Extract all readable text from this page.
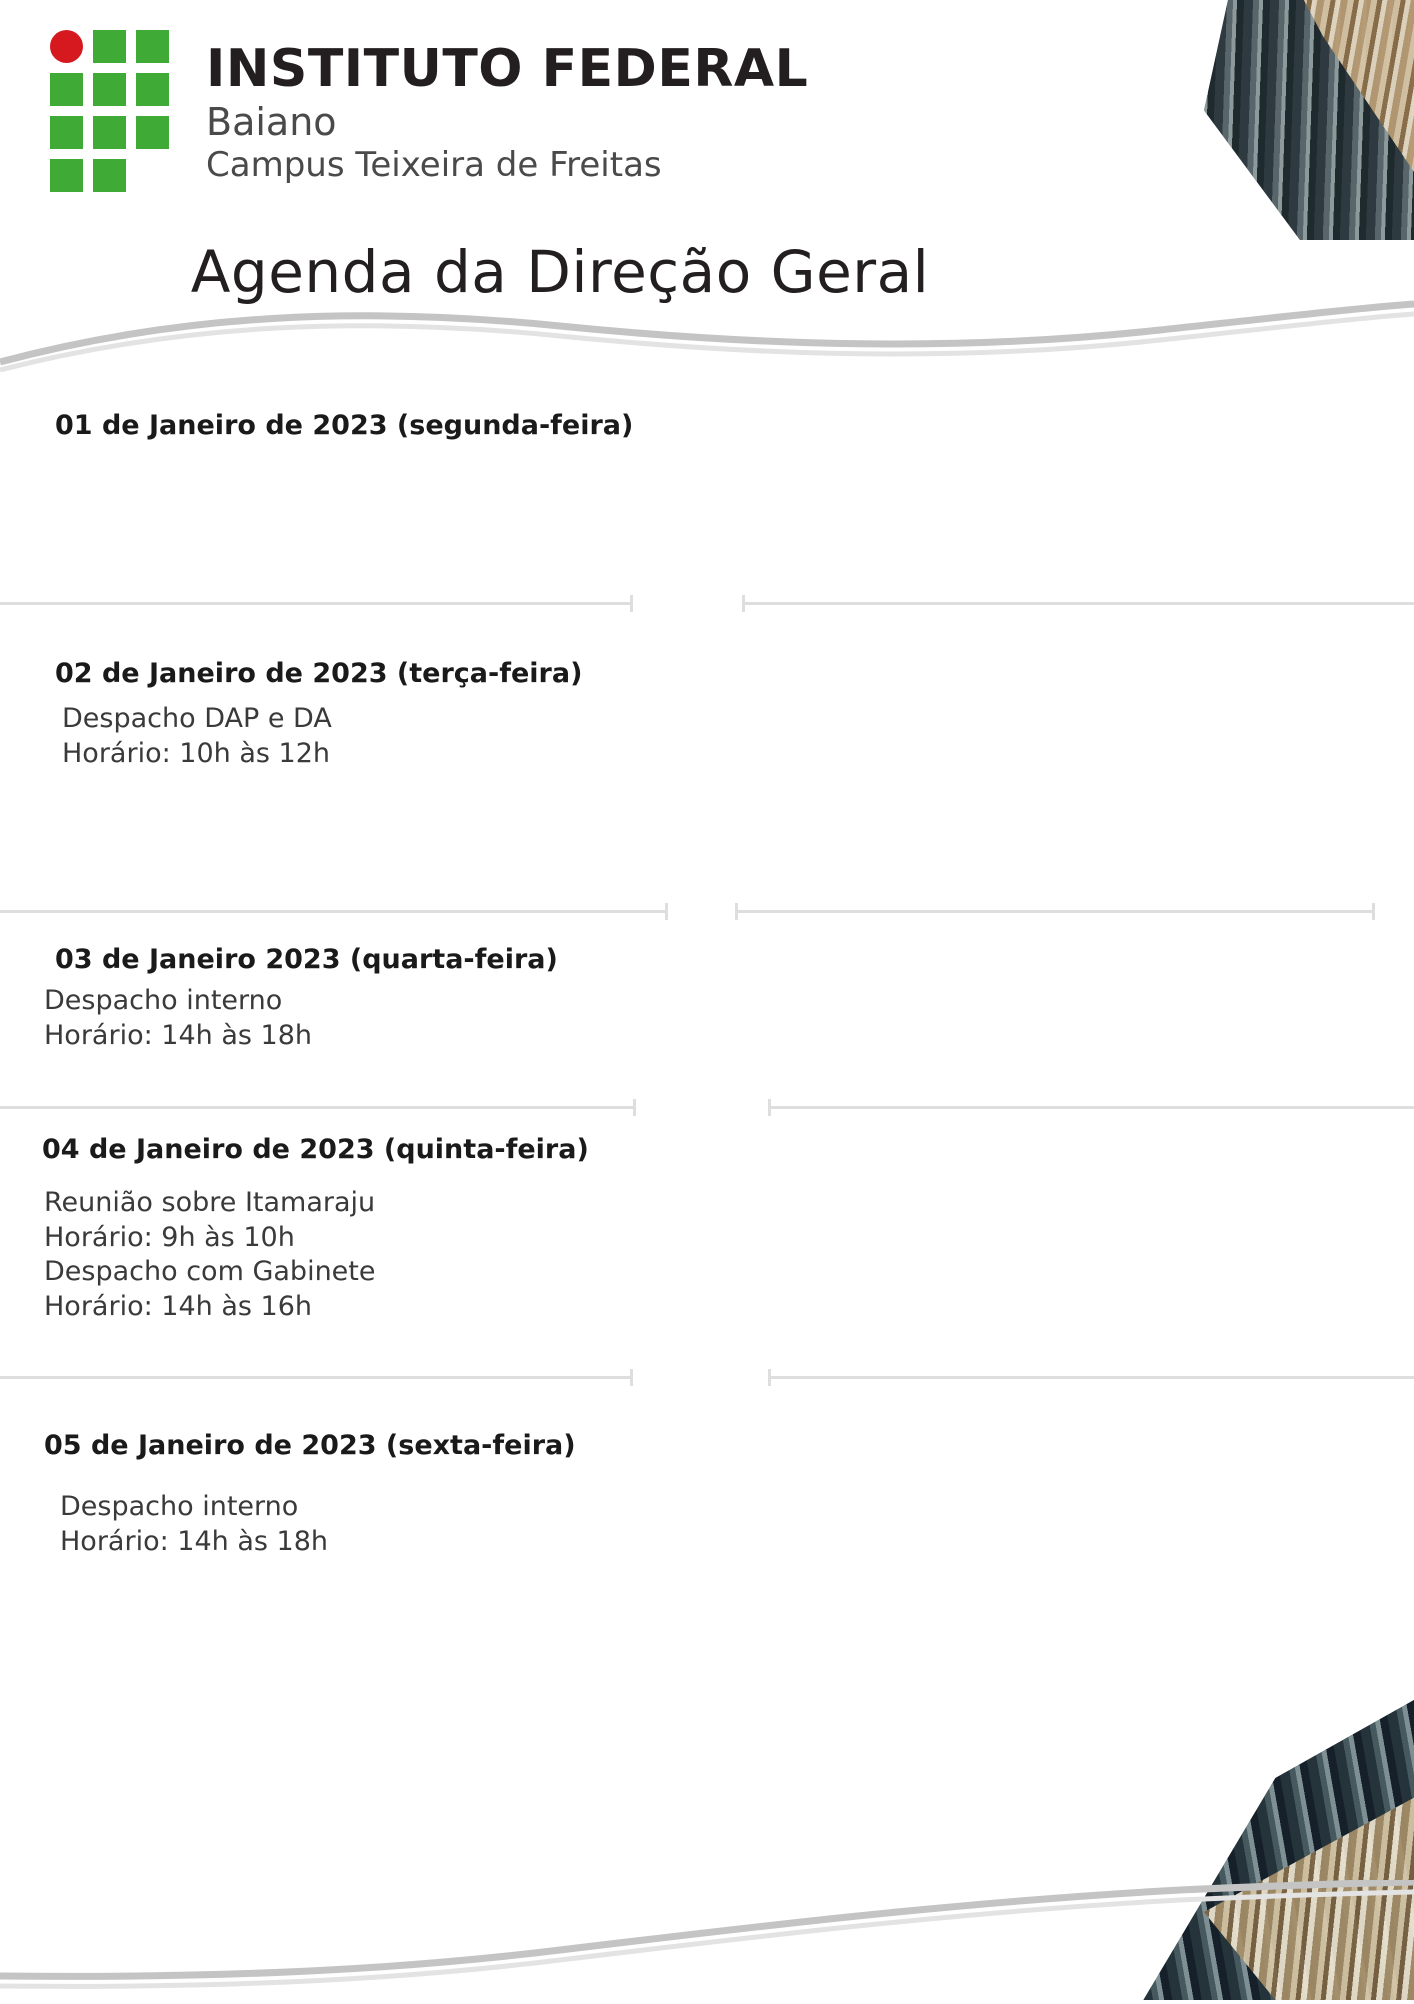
INSTITUTO FEDERAL
Baiano
Campus Teixeira de Freitas
Agenda da Direção Geral
01 de Janeiro de 2023 (segunda-feira)
02 de Janeiro de 2023 (terça-feira)
Despacho DAP e DA
Horário: 10h às 12h
03 de Janeiro 2023 (quarta-feira)
Despacho interno
Horário: 14h às 18h
04 de Janeiro de 2023 (quinta-feira)
Reunião sobre Itamaraju
Horário: 9h às 10h
Despacho com Gabinete
Horário: 14h às 16h
05 de Janeiro de 2023 (sexta-feira)
Despacho interno
Horário: 14h às 18h
